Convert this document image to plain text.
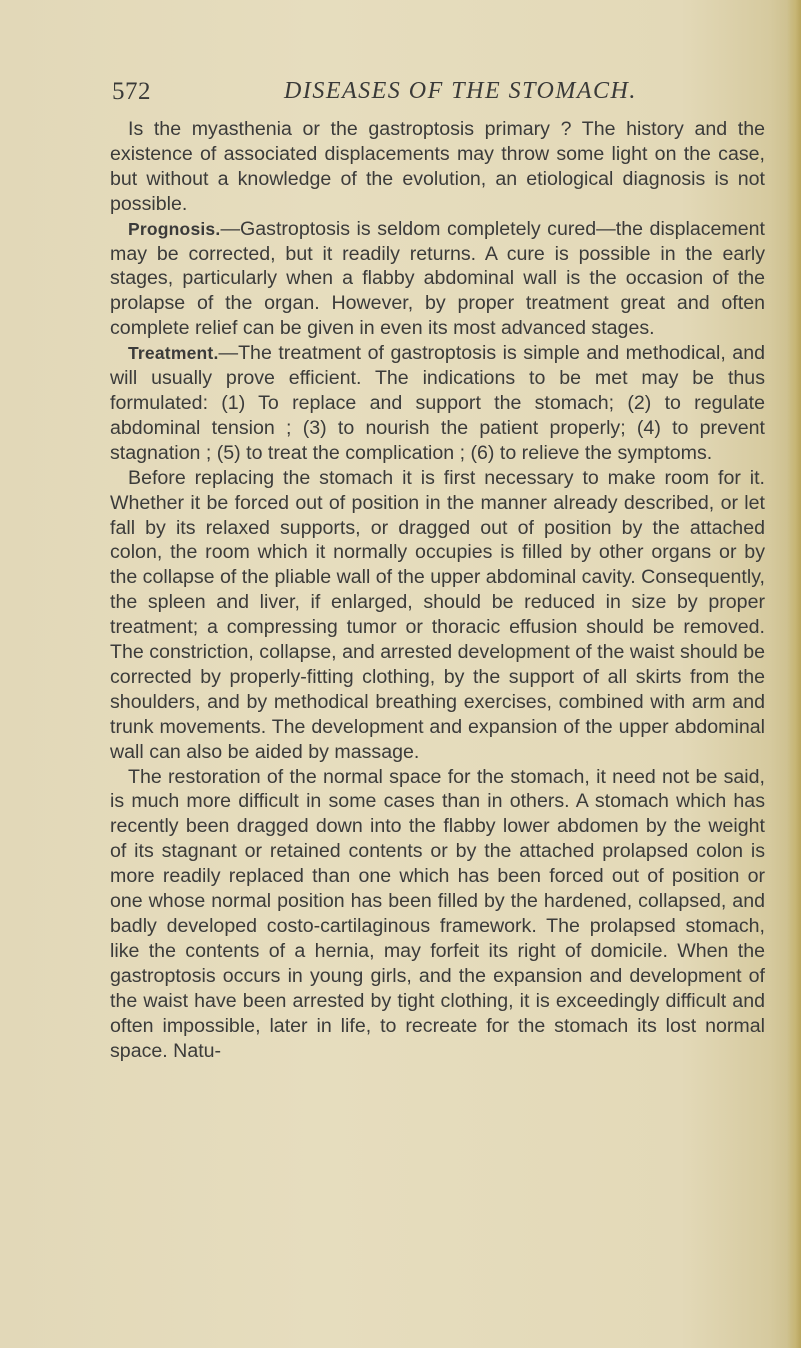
572	DISEASES OF THE STOMACH.

Is the myasthenia or the gastroptosis primary ? The history and the existence of associated displacements may throw some light on the case, but without a knowledge of the evolution, an etiological diagnosis is not possible.

Prognosis.—Gastroptosis is seldom completely cured—the displacement may be corrected, but it readily returns. A cure is possible in the early stages, particularly when a flabby abdominal wall is the occasion of the prolapse of the organ. However, by proper treatment great and often complete relief can be given in even its most advanced stages.

Treatment.—The treatment of gastroptosis is simple and methodical, and will usually prove efficient. The indications to be met may be thus formulated: (1) To replace and support the stomach; (2) to regulate abdominal tension ; (3) to nourish the patient properly; (4) to prevent stagnation ; (5) to treat the complication ; (6) to relieve the symptoms.

Before replacing the stomach it is first necessary to make room for it. Whether it be forced out of position in the manner already described, or let fall by its relaxed supports, or dragged out of position by the attached colon, the room which it normally occupies is filled by other organs or by the collapse of the pliable wall of the upper abdominal cavity. Consequently, the spleen and liver, if enlarged, should be reduced in size by proper treatment; a compressing tumor or thoracic effusion should be removed. The constriction, collapse, and arrested development of the waist should be corrected by properly-fitting clothing, by the support of all skirts from the shoulders, and by methodical breathing exercises, combined with arm and trunk movements. The development and expansion of the upper abdominal wall can also be aided by massage.

The restoration of the normal space for the stomach, it need not be said, is much more difficult in some cases than in others. A stomach which has recently been dragged down into the flabby lower abdomen by the weight of its stagnant or retained contents or by the attached prolapsed colon is more readily replaced than one which has been forced out of position or one whose normal position has been filled by the hardened, collapsed, and badly developed costo-cartilaginous framework. The prolapsed stomach, like the contents of a hernia, may forfeit its right of domicile. When the gastroptosis occurs in young girls, and the expansion and development of the waist have been arrested by tight clothing, it is exceedingly difficult and often impossible, later in life, to recreate for the stomach its lost normal space. Natu-
